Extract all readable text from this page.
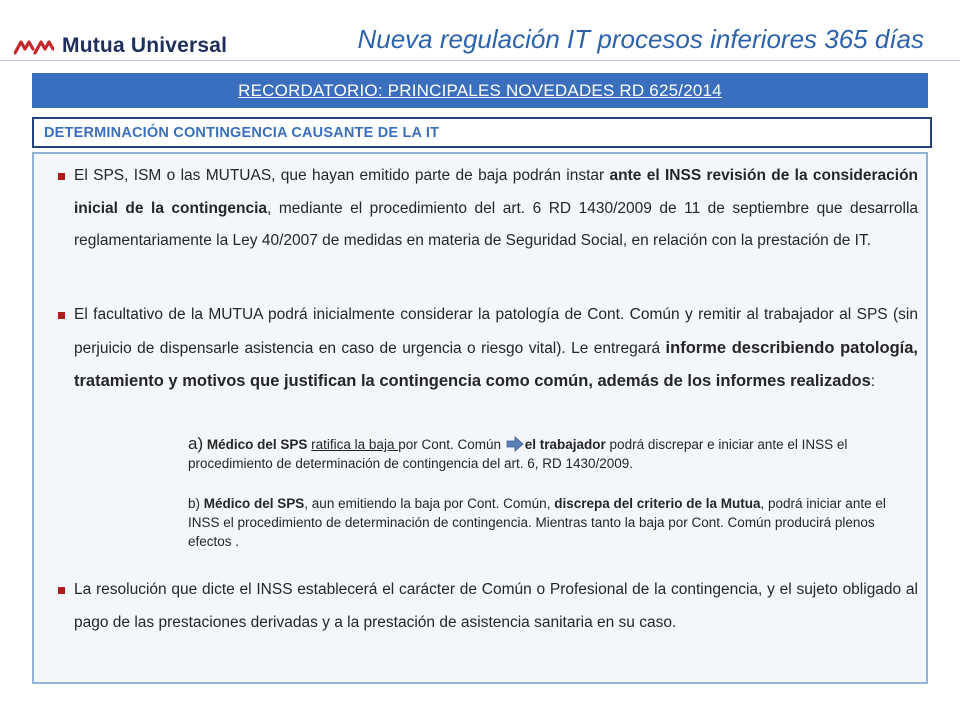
Mutua Universal	Nueva regulación IT procesos inferiores 365 días
RECORDATORIO: PRINCIPALES NOVEDADES RD 625/2014
DETERMINACIÓN CONTINGENCIA CAUSANTE DE LA IT
El SPS, ISM o las MUTUAS, que hayan emitido parte de baja podrán instar ante el INSS revisión de la consideración inicial de la contingencia, mediante el procedimiento del art. 6 RD 1430/2009 de 11 de septiembre que desarrolla reglamentariamente la Ley 40/2007 de medidas en materia de Seguridad Social, en relación con la prestación de IT.
El facultativo de la MUTUA podrá inicialmente considerar la patología de Cont. Común y remitir al trabajador al SPS (sin perjuicio de dispensarle asistencia en caso de urgencia o riesgo vital). Le entregará informe describiendo patología, tratamiento y motivos que justifican la contingencia como común, además de los informes realizados:
a) Médico del SPS ratifica la baja por Cont. Común el trabajador podrá discrepar e iniciar ante el INSS el procedimiento de determinación de contingencia del art. 6, RD 1430/2009.
b) Médico del SPS, aun emitiendo la baja por Cont. Común, discrepa del criterio de la Mutua, podrá iniciar ante el INSS el procedimiento de determinación de contingencia. Mientras tanto la baja por Cont. Común producirá plenos efectos .
La resolución que dicte el INSS establecerá el carácter de Común o Profesional de la contingencia, y el sujeto obligado al pago de las prestaciones derivadas y a la prestación de asistencia sanitaria en su caso.
